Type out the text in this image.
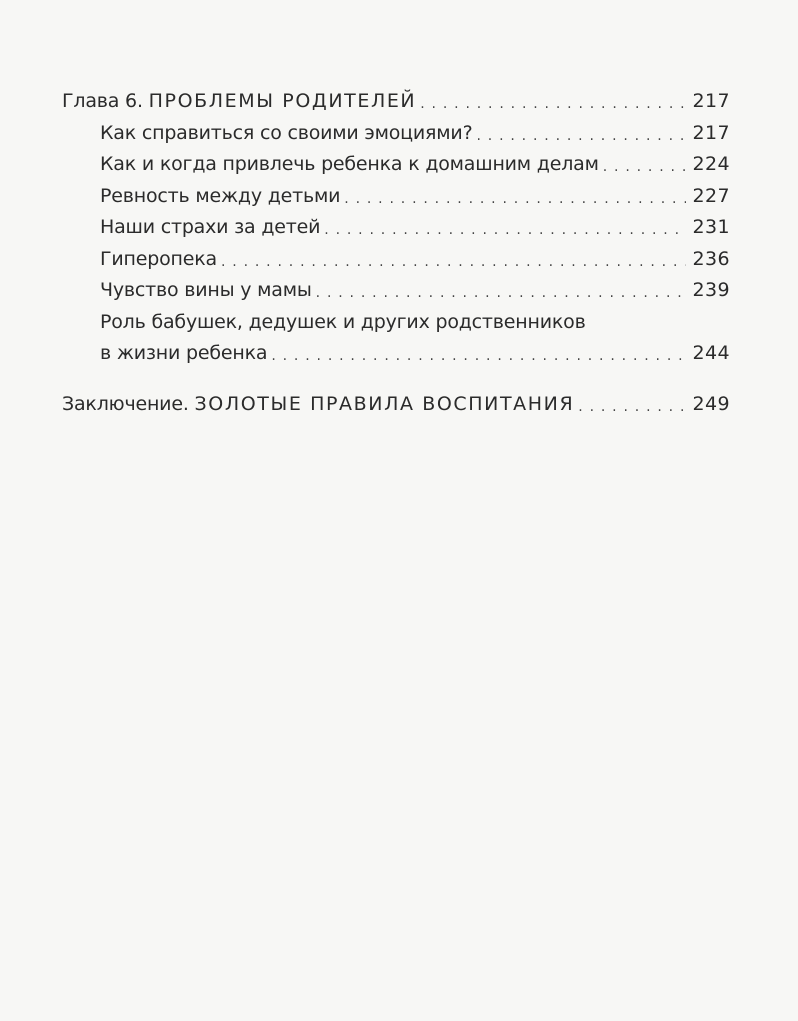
Глава 6. ПРОБЛЕМЫ РОДИТЕЛЕЙ . . .	217
Как справиться со своими эмоциями? . . .	217
Как и когда привлечь ребенка к домашним делам . . .	224
Ревность между детьми . . .	227
Наши страхи за детей . . .	231
Гиперопека . . .	236
Чувство вины у мамы . . .	239
Роль бабушек, дедушек и других родственников
в жизни ребенка . . .	244
Заключение. ЗОЛОТЫЕ ПРАВИЛА ВОСПИТАНИЯ . . .	249
